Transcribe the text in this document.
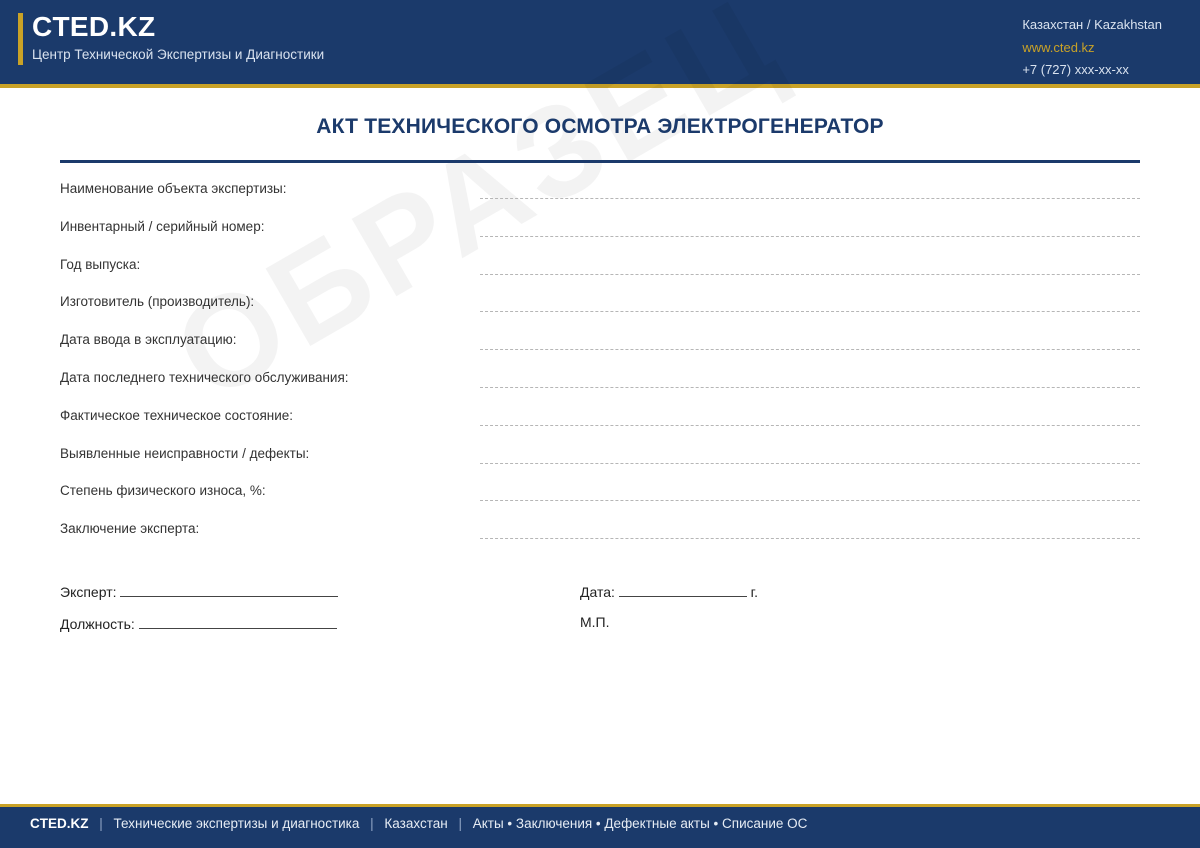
CTED.KZ
Центр Технической Экспертизы и Диагностики
Казахстан / Kazakhstan
www.cted.kz
+7 (727) xxx-xx-xx
АКТ ТЕХНИЧЕСКОГО ОСМОТРА ЭЛЕКТРОГЕНЕРАТОР
Наименование объекта экспертизы:
Инвентарный / серийный номер:
Год выпуска:
Изготовитель (производитель):
Дата ввода в эксплуатацию:
Дата последнего технического обслуживания:
Фактическое техническое состояние:
Выявленные неисправности / дефекты:
Степень физического износа, %:
Заключение эксперта:
Эксперт:	Дата:	г.
Должность:	М.П.
CTED.KZ | Технические экспертизы и диагностика | Казахстан | Акты • Заключения • Дефектные акты • Списание ОС
